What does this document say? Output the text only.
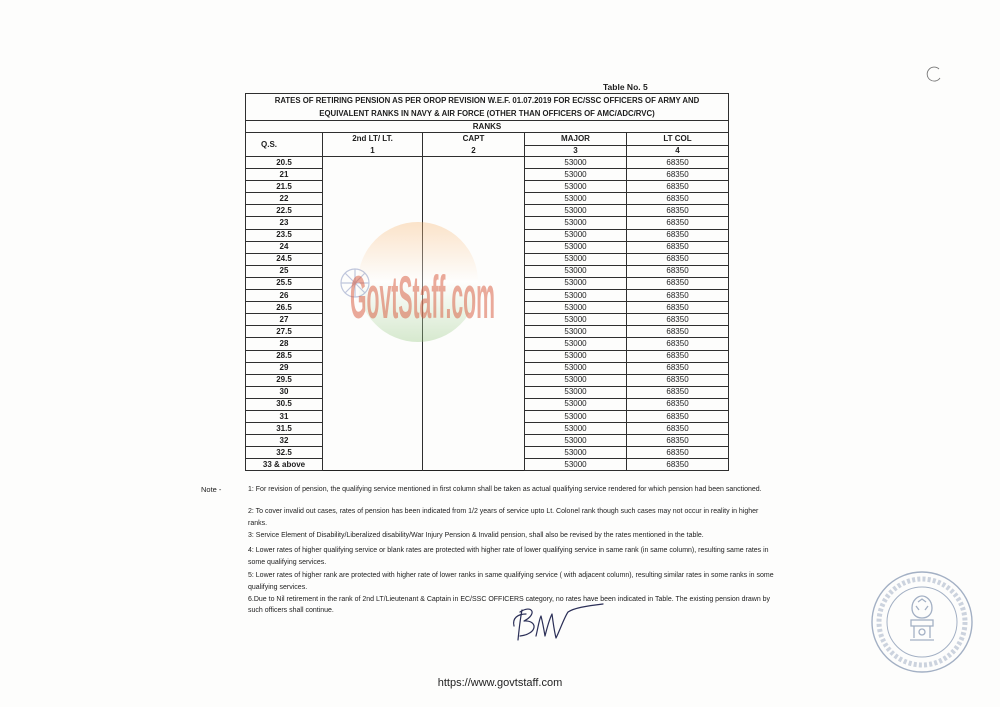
Table No. 5
RATES OF RETIRING PENSION AS PER OROP REVISION W.E.F. 01.07.2019 FOR EC/SSC OFFICERS OF ARMY AND
EQUIVALENT RANKS IN NAVY & AIR FORCE (OTHER THAN OFFICERS OF AMC/ADC/RVC)				

RANKS				
Q.S.	2nd LT/ LT.	CAPT	MAJOR	LT COL
	1	2	3	4
20.5			53000	68350
21			53000	68350
21.5			53000	68350
22			53000	68350
22.5			53000	68350
23			53000	68350
23.5			53000	68350
24			53000	68350
24.5			53000	68350
25			53000	68350
25.5			53000	68350
26			53000	68350
26.5			53000	68350
27			53000	68350
27.5			53000	68350
28			53000	68350
28.5			53000	68350
29			53000	68350
29.5			53000	68350
30			53000	68350
30.5			53000	68350
31			53000	68350
31.5			53000	68350
32			53000	68350
32.5			53000	68350
33 & above			53000	68350
GovtStaff.com
Note -	1: For revision of pension, the qualifying service mentioned in first column shall be taken as actual qualifying service rendered for which pension had been sanctioned.
2: To cover invalid out cases, rates of pension has been indicated from 1/2 years of service upto Lt. Colonel rank though such cases may not occur in reality in higher
ranks.
3: Service Element of Disability/Liberalized disability/War Injury Pension & Invalid pension, shall also be revised by the rates mentioned in the table.
4: Lower rates of higher qualifying service or blank rates are protected with higher rate of lower qualifying service in same rank (in same column), resulting same rates in
some qualifying services.
5: Lower rates of higher rank are protected with higher rate of lower ranks in same qualifying service ( with adjacent column), resulting similar rates in some ranks in some
qualifying services.
6.Due to Nil retirement in the rank of 2nd LT/Lieutenant & Captain in EC/SSC OFFICERS category, no rates have been indicated in Table. The existing pension drawn by
such officers shall continue.
https://www.govtstaff.com
